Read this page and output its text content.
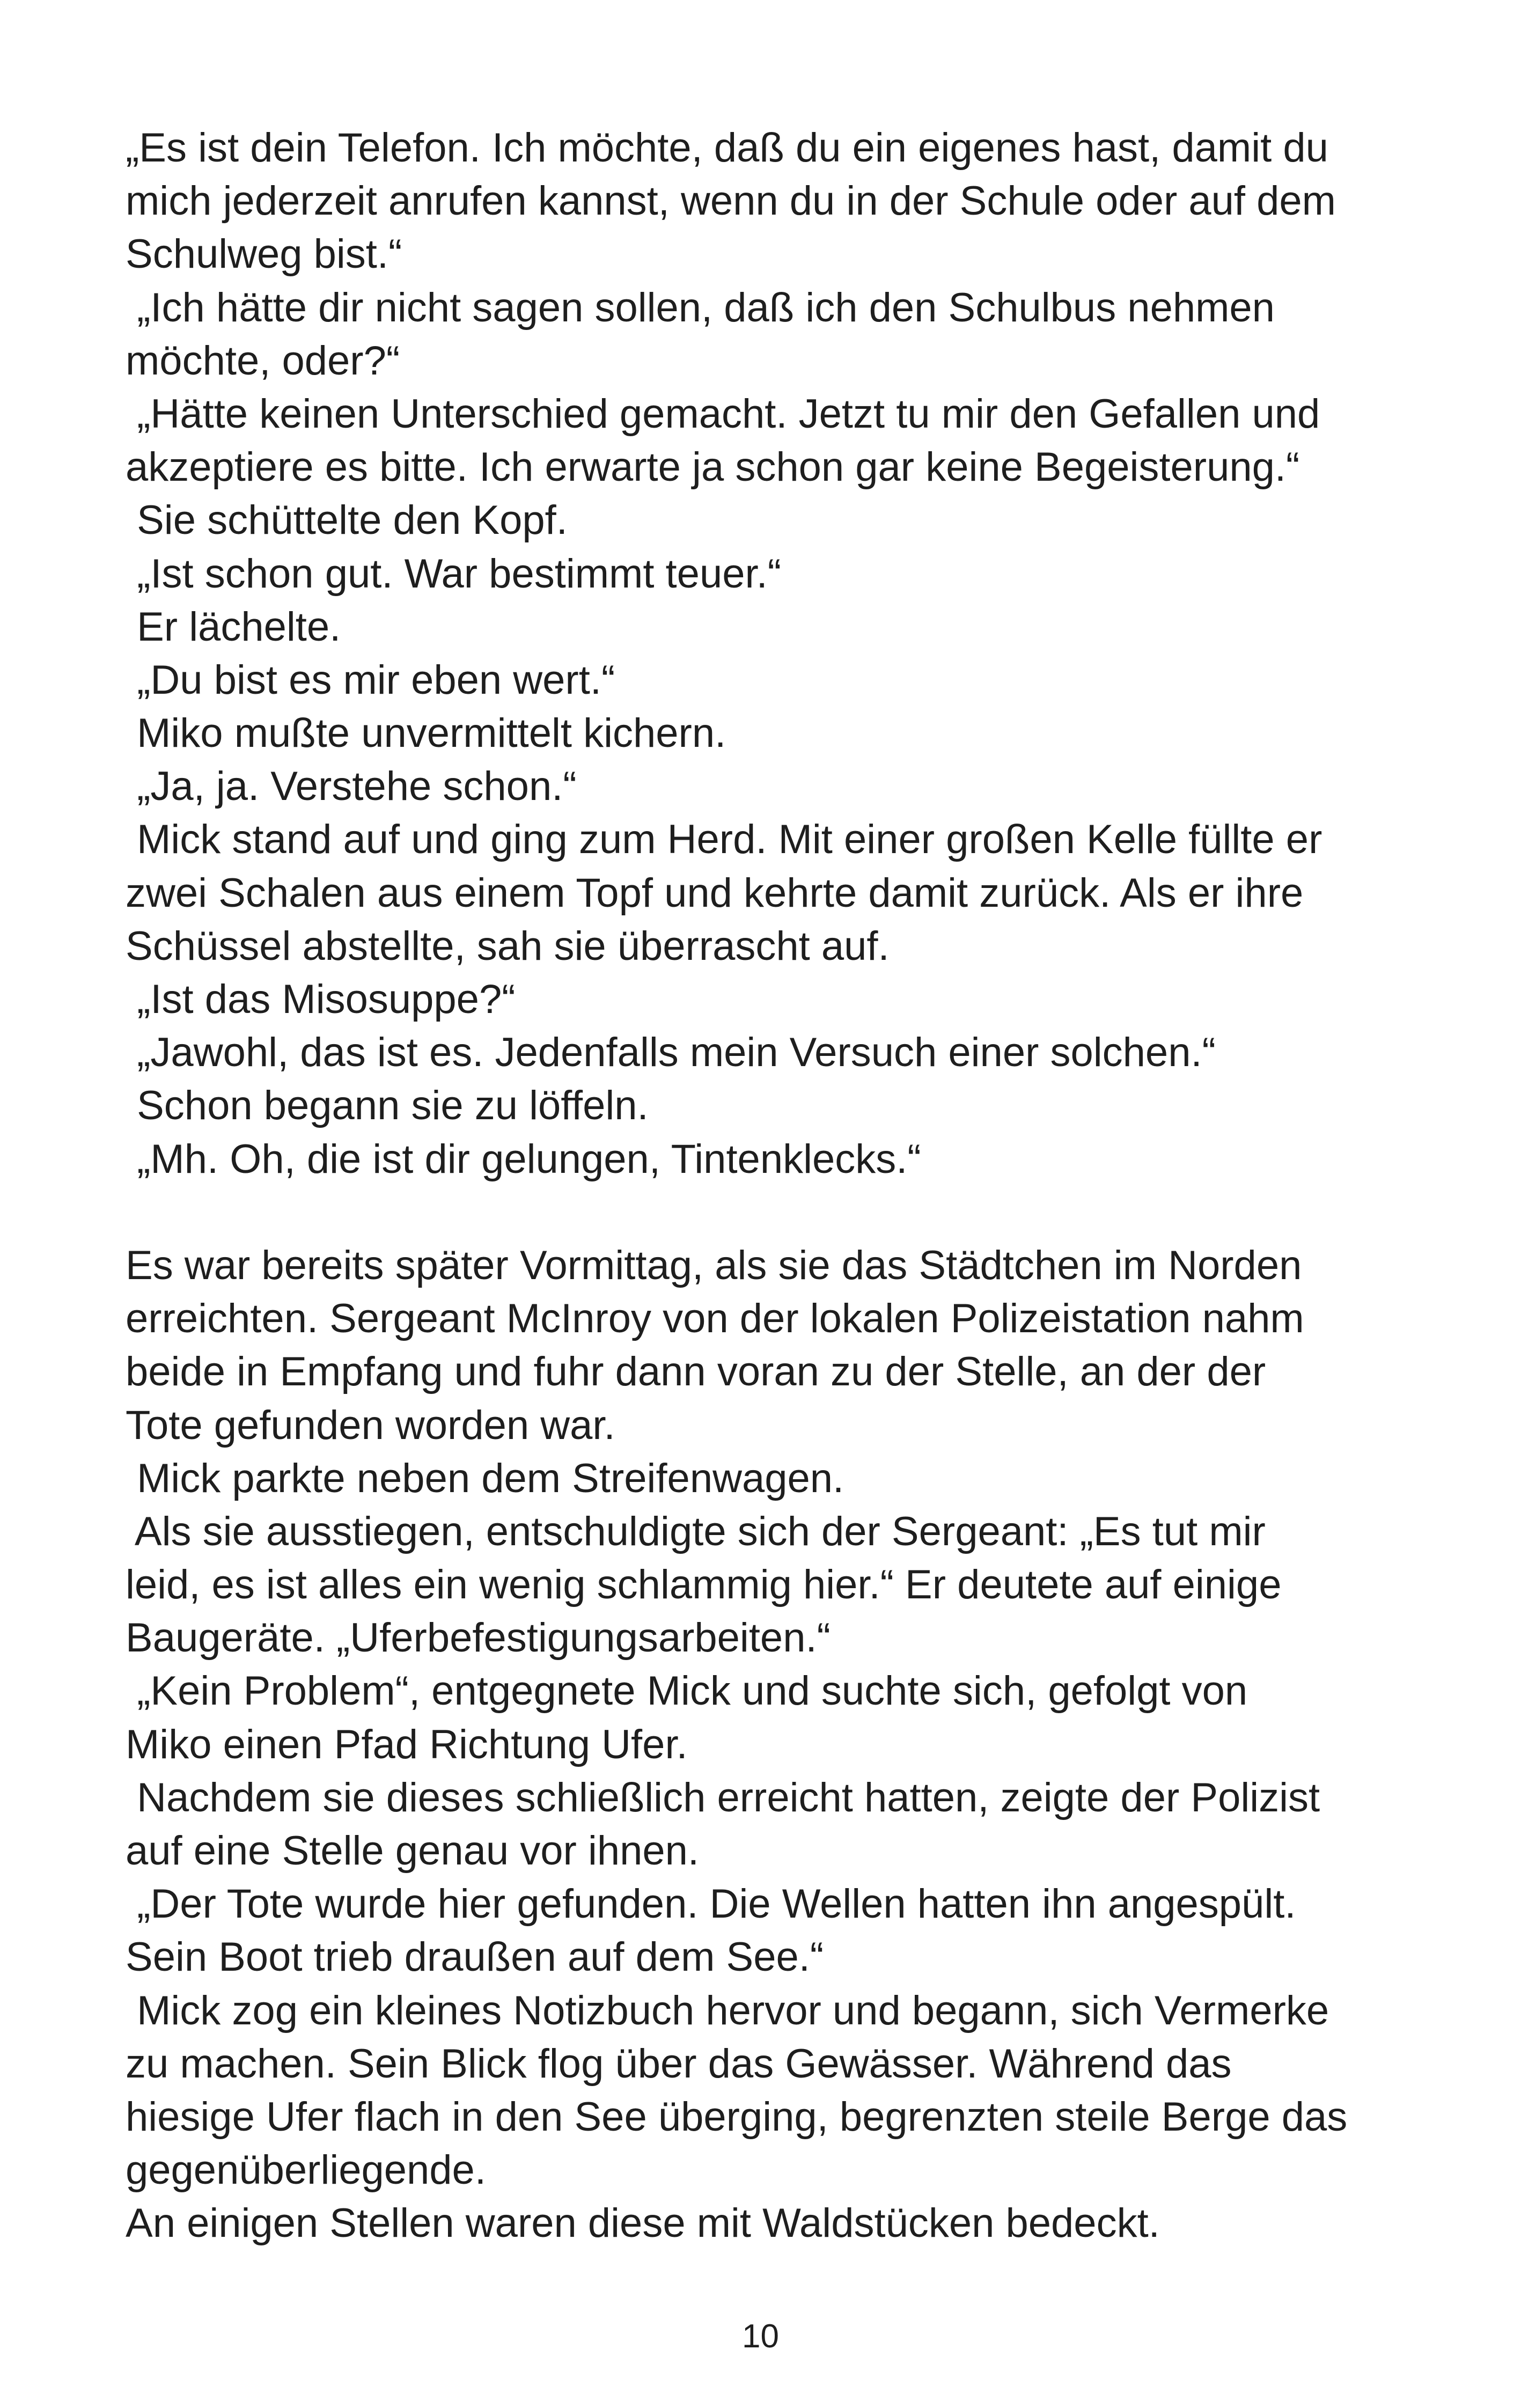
„Es ist dein Telefon. Ich möchte, daß du ein eigenes hast, damit du
mich jederzeit anrufen kannst, wenn du in der Schule oder auf dem
Schulweg bist.“
„Ich hätte dir nicht sagen sollen, daß ich den Schulbus nehmen
möchte, oder?“
„Hätte keinen Unterschied gemacht. Jetzt tu mir den Gefallen und
akzeptiere es bitte. Ich erwarte ja schon gar keine Begeisterung.“
Sie schüttelte den Kopf.
„Ist schon gut. War bestimmt teuer.“
Er lächelte.
„Du bist es mir eben wert.“
Miko mußte unvermittelt kichern.
„Ja, ja. Verstehe schon.“
Mick stand auf und ging zum Herd. Mit einer großen Kelle füllte er
zwei Schalen aus einem Topf und kehrte damit zurück. Als er ihre
Schüssel abstellte, sah sie überrascht auf.
„Ist das Misosuppe?“
„Jawohl, das ist es. Jedenfalls mein Versuch einer solchen.“
Schon begann sie zu löffeln.
„Mh. Oh, die ist dir gelungen, Tintenklecks.“
Es war bereits später Vormittag, als sie das Städtchen im Norden
erreichten. Sergeant McInroy von der lokalen Polizeistation nahm
beide in Empfang und fuhr dann voran zu der Stelle, an der der
Tote gefunden worden war.
Mick parkte neben dem Streifenwagen.
Als sie ausstiegen, entschuldigte sich der Sergeant: „Es tut mir
leid, es ist alles ein wenig schlammig hier.“ Er deutete auf einige
Baugeräte. „Uferbefestigungsarbeiten.“
„Kein Problem“, entgegnete Mick und suchte sich, gefolgt von
Miko einen Pfad Richtung Ufer.
Nachdem sie dieses schließlich erreicht hatten, zeigte der Polizist
auf eine Stelle genau vor ihnen.
„Der Tote wurde hier gefunden. Die Wellen hatten ihn angespült.
Sein Boot trieb draußen auf dem See.“
Mick zog ein kleines Notizbuch hervor und begann, sich Vermerke
zu machen. Sein Blick flog über das Gewässer. Während das
hiesige Ufer flach in den See überging, begrenzten steile Berge das
gegenüberliegende.
An einigen Stellen waren diese mit Waldstücken bedeckt.
10
